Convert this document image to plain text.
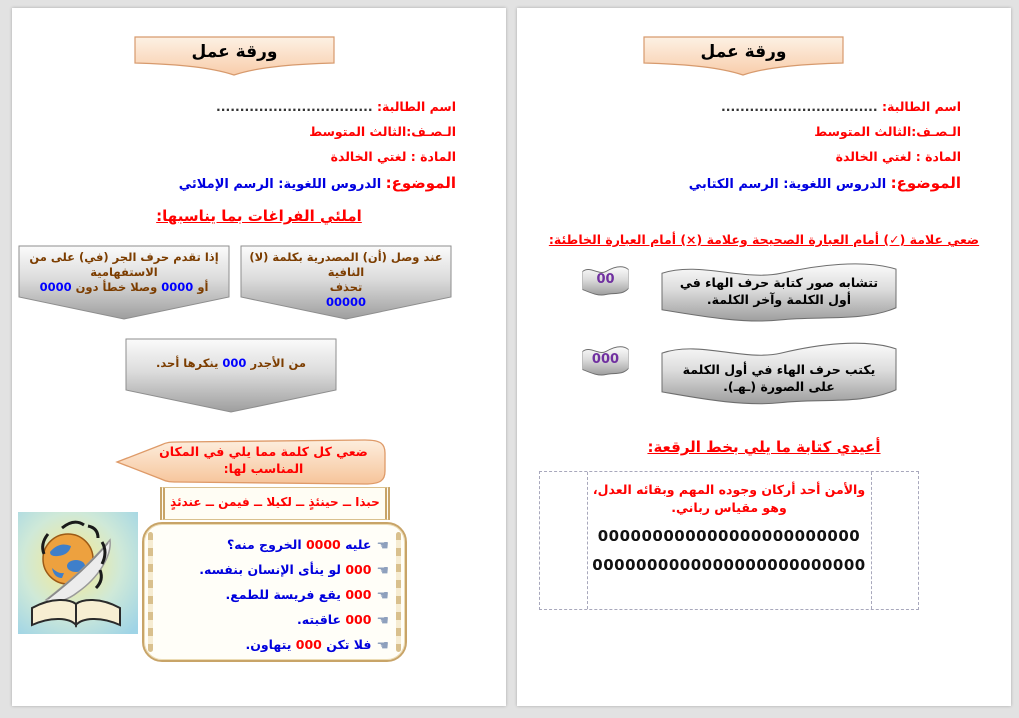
ورقة عمل
اسم الطالبة: .................................
الـصـف:الثالث المتوسط
المادة : لغتي الخالدة
الموضوع: الدروس اللغوية: الرسم الإملائي
املئي الفراغات بما يناسبها:
عند وصل (أن) المصدرية بكلمة (لا) النافية
تحذف
00000
إذا تقدم حرف الجر (في) على من الاستفهامية
أو 0000 وصلا خطأ دون 0000
من الأجدر 000 ينكرها أحد.
ضعي كل كلمة مما يلي في المكان المناسب لها:
حبذا ــ حينئذٍ ــ لكيلا ــ فيمن ــ عندئذٍ
☚عليه 0000 الخروج منه؟
☚000 لو ينأى الإنسان بنفسه.
☚000 يقع فريسة للطمع.
☚000 عاقبته.
☚فلا تكن 000 يتهاون.
ورقة عمل
اسم الطالبة: .................................
الـصـف:الثالث المتوسط
المادة : لغتي الخالدة
الموضوع: الدروس اللغوية: الرسم الكتابي
ضعي علامة (✓) أمام العبارة الصحيحة وعلامة (×) أمام العبارة الخاطئة:
تتشابه صور كتابة حرف الهاء في أول الكلمة وآخر الكلمة.
00
يكتب حرف الهاء في أول الكلمة على الصورة (ـهـ).
000
أعيدي كتابة ما يلي بخط الرقعة:
والأمن أحد أركان وجوده المهم وبقائه العدل، وهو مقياس رباني.
000000000000000000000000
0000000000000000000000000
